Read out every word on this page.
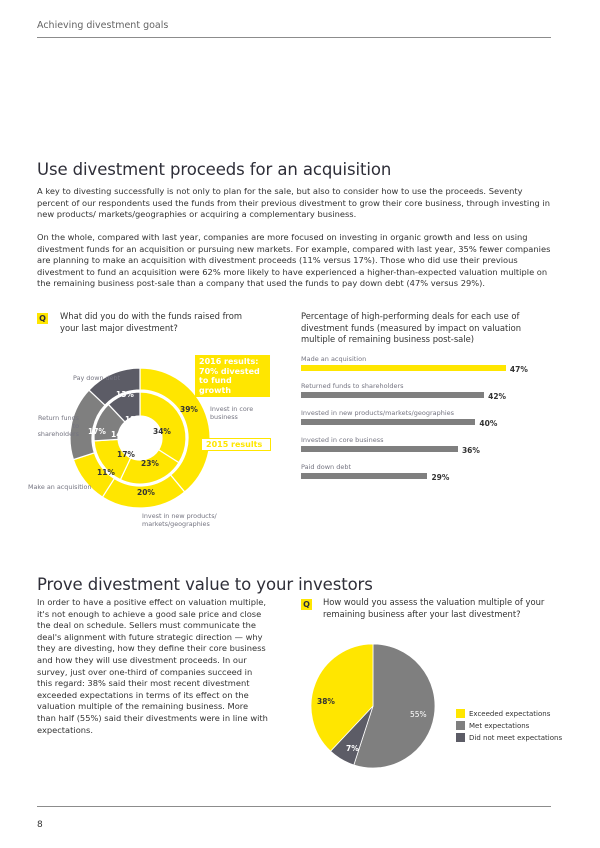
Achieving divestment goals
Use divestment proceeds for an acquisition

A key to divesting successfully is not only to plan for the sale, but also to consider how to use the proceeds. Seventy percent of our respondents used the funds from their previous divestment to grow their core business, through investing in new products/ markets/geographies or acquiring a complementary business.

On the whole, compared with last year, companies are more focused on investing in organic growth and less on using divestment funds for an acquisition or pursuing new markets. For example, compared with last year, 35% fewer companies are planning to make an acquisition with divestment proceeds (11% versus 17%). Those who did use their previous divestment to fund an acquisition were 62% more likely to have experienced a higher-than-expected valuation multiple on the remaining business post-sale than a company that used the funds to pay down debt (47% versus 29%).

Q What did you do with the funds raised from your last major divestment?
13%
39%
17%
11%
20%
12%
14%	34%
17%
23%
Pay down debt
Return funds to shareholders
Invest in core business
Make an acquisition
Invest in new products/ markets/geographies
2016 results:
70% divested
to fund growth
2015 results
Percentage of high-performing deals for each use of divestment funds (measured by impact on valuation multiple of remaining business post-sale)
Made an acquisition
47%
Returned funds to shareholders
42%
Invested in new products/markets/geographies
40%
Invested in core business
36%
Paid down debt
29%
Prove divestment value to your investors

In order to have a positive effect on valuation multiple, it's not enough to achieve a good sale price and close the deal on schedule. Sellers must communicate the deal's alignment with future strategic direction — why they are divesting, how they define their core business and how they will use divestment proceeds. In our survey, just over one-third of companies succeed in this regard: 38% said their most recent divestment exceeded expectations in terms of its effect on the valuation multiple of the remaining business. More than half (55%) said their divestments were in line with expectations.

Q How would you assess the valuation multiple of your remaining business after your last divestment?
38%
55%
7%
Exceeded expectations
Met expectations
Did not meet expectations
8
